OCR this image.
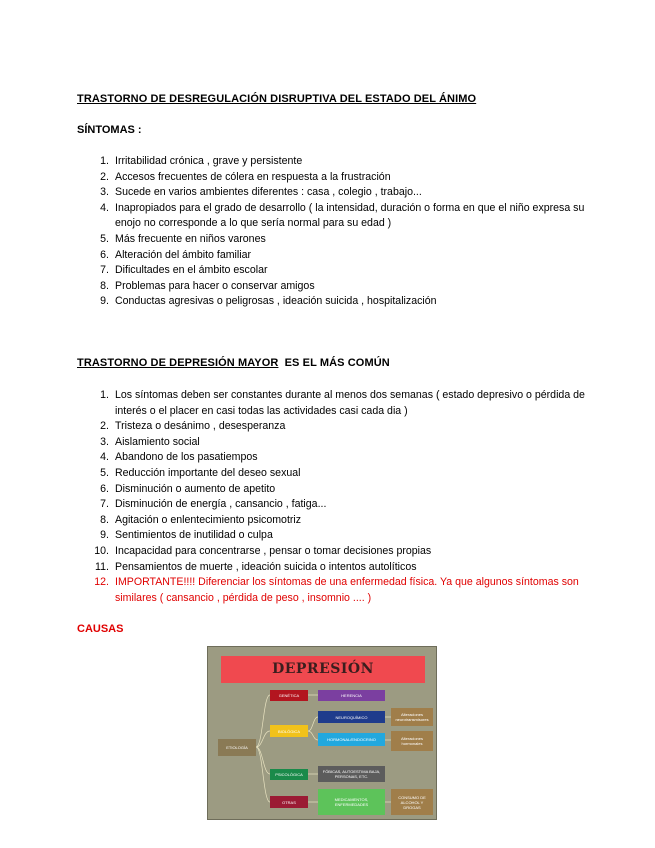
TRASTORNO DE DESREGULACIÓN DISRUPTIVA DEL ESTADO DEL ÁNIMO
SÍNTOMAS :
1. Irritabilidad crónica , grave y persistente
2. Accesos frecuentes de cólera en respuesta a la frustración
3. Sucede en varios ambientes diferentes : casa , colegio , trabajo...
4. Inapropiados para el grado de desarrollo ( la intensidad, duración o forma en que el niño expresa su enojo no corresponde a lo que sería normal para su edad )
5. Más frecuente en niños varones
6. Alteración del ámbito familiar
7. Dificultades en el ámbito escolar
8. Problemas para hacer o conservar amigos
9. Conductas agresivas o peligrosas , ideación suicida , hospitalización
TRASTORNO DE DEPRESIÓN MAYOR ES EL MÁS COMÚN
1. Los síntomas deben ser constantes durante al menos dos semanas ( estado depresivo o pérdida de interés o el placer en casi todas las actividades casi cada dia )
2. Tristeza o desánimo , desesperanza
3. Aislamiento social
4. Abandono de los pasatiempos
5. Reducción importante del deseo sexual
6. Disminución o aumento de apetito
7. Disminución de energía , cansancio , fatiga...
8. Agitación o enlentecimiento psicomotriz
9. Sentimientos de inutilidad o culpa
10. Incapacidad para concentrarse , pensar o tomar decisiones propias
11. Pensamientos de muerte , ideación suicida o intentos autolíticos
12. IMPORTANTE!!!! Diferenciar los síntomas de una enfermedad física. Ya que algunos síntomas son similares ( cansancio , pérdida de peso , insomnio .... )
CAUSAS
DEPRESIÓN
ETIOLOGÍA
GENÉTICA	HERENCIA
BIOLÓGICA
NEUROQUÍMICO
HORMONAL/ENDOCRINO
Alteraciones neurotransmisores
Alteraciones hormonales
PSICOLÓGICA
FÓBICAS, AUTOESTIMA BAJA, PERSONAS, ETC.
OTRAS	MEDICAMENTOS, ENFERMEDADES
CONSUMO DE ALCOHOL Y DROGAS
